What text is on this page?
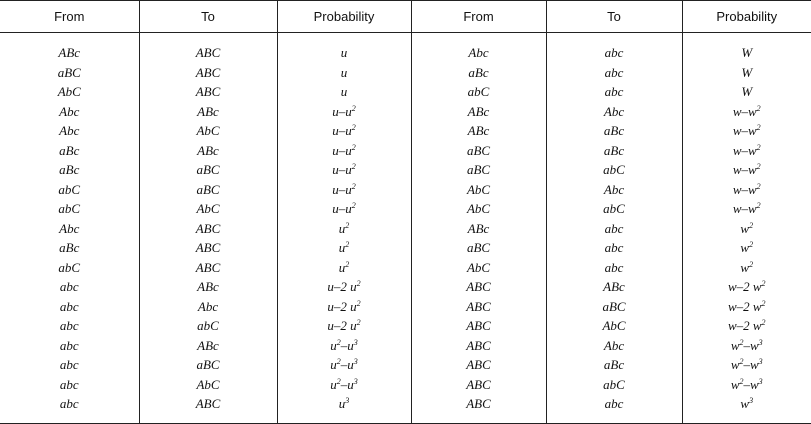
From	To	Probability	From	To	Probability

ABc	ABC	u	Abc	abc	W
aBC	ABC	u	aBc	abc	W
AbC	ABC	u	abC	abc	W
Abc	ABc	$u-u^2$	ABc	Abc	$w-w^2$
Abc	AbC	$u-u^2$	ABc	aBc	$w-w^2$
aBc	ABc	$u-u^2$	aBC	aBc	$w-w^2$
aBc	aBC	$u-u^2$	aBC	abC	$w-w^2$
abC	aBC	$u-u^2$	AbC	Abc	$w-w^2$
abC	AbC	$u-u^2$	AbC	abC	$w-w^2$
Abc	ABC	$u^2$	ABc	abc	$w^2$
aBc	ABC	$u^2$	aBC	abc	$w^2$
abC	ABC	$u^2$	AbC	abc	$w^2$
abc	ABc	u–2 $u^2$	ABC	ABc	w–2 $w^2$
abc	Abc	u–2 $u^2$	ABC	aBC	w–2 $w^2$
abc	abC	u–2 $u^2$	ABC	AbC	w–2 $w^2$
abc	ABc	$u^2-u^3$	ABC	Abc	$w^2-w^3$
abc	aBC	$u^2-u^3$	ABC	aBc	$w^2-w^3$
abc	AbC	$u^2-u^3$	ABC	abC	$w^2-w^3$
abc	ABC	$u^3$	ABC	abc	$w^3$
